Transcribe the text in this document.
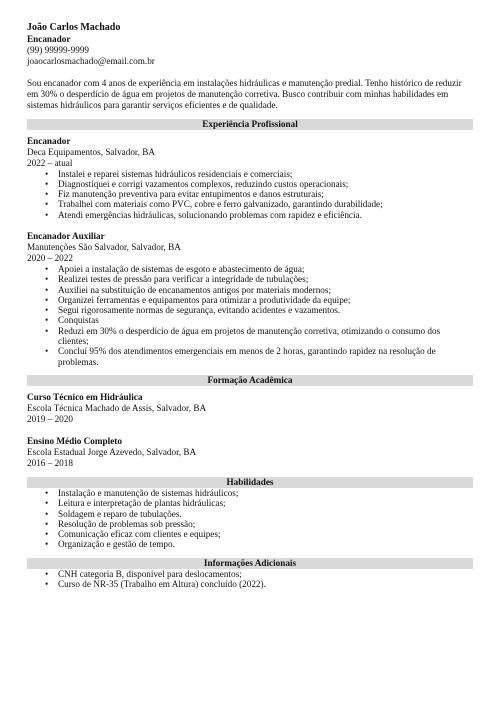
João Carlos Machado
Encanador
(99) 99999-9999
joaocarlosmachado@email.com.br
Sou encanador com 4 anos de experiência em instalações hidráulicas e manutenção predial. Tenho histórico de reduzir em 30% o desperdício de água em projetos de manutenção corretiva. Busco contribuir com minhas habilidades em sistemas hidráulicos para garantir serviços eficientes e de qualidade.
Experiência Profissional
Encanador
Deca Equipamentos, Salvador, BA
2022 – atual
• Instalei e reparei sistemas hidráulicos residenciais e comerciais;
• Diagnostiquei e corrigi vazamentos complexos, reduzindo custos operacionais;
• Fiz manutenção preventiva para evitar entupimentos e danos estruturais;
• Trabalhei com materiais como PVC, cobre e ferro galvanizado, garantindo durabilidade;
• Atendi emergências hidráulicas, solucionando problemas com rapidez e eficiência.
Encanador Auxiliar
Manutenções São Salvador, Salvador, BA
2020 – 2022
• Apoiei a instalação de sistemas de esgoto e abastecimento de água;
• Realizei testes de pressão para verificar a integridade de tubulações;
• Auxiliei na substituição de encanamentos antigos por materiais modernos;
• Organizei ferramentas e equipamentos para otimizar a produtividade da equipe;
• Segui rigorosamente normas de segurança, evitando acidentes e vazamentos.
• Conquistas
• Reduzi em 30% o desperdício de água em projetos de manutenção corretiva, otimizando o consumo dos clientes;
• Concluí 95% dos atendimentos emergenciais em menos de 2 horas, garantindo rapidez na resolução de problemas.
Formação Acadêmica
Curso Técnico em Hidráulica
Escola Técnica Machado de Assis, Salvador, BA
2019 – 2020
Ensino Médio Completo
Escola Estadual Jorge Azevedo, Salvador, BA
2016 – 2018
Habilidades
• Instalação e manutenção de sistemas hidráulicos;
• Leitura e interpretação de plantas hidráulicas;
• Soldagem e reparo de tubulações.
• Resolução de problemas sob pressão;
• Comunicação eficaz com clientes e equipes;
• Organização e gestão de tempo.
Informações Adicionais
• CNH categoria B, disponível para deslocamentos;
• Curso de NR-35 (Trabalho em Altura) concluído (2022).
